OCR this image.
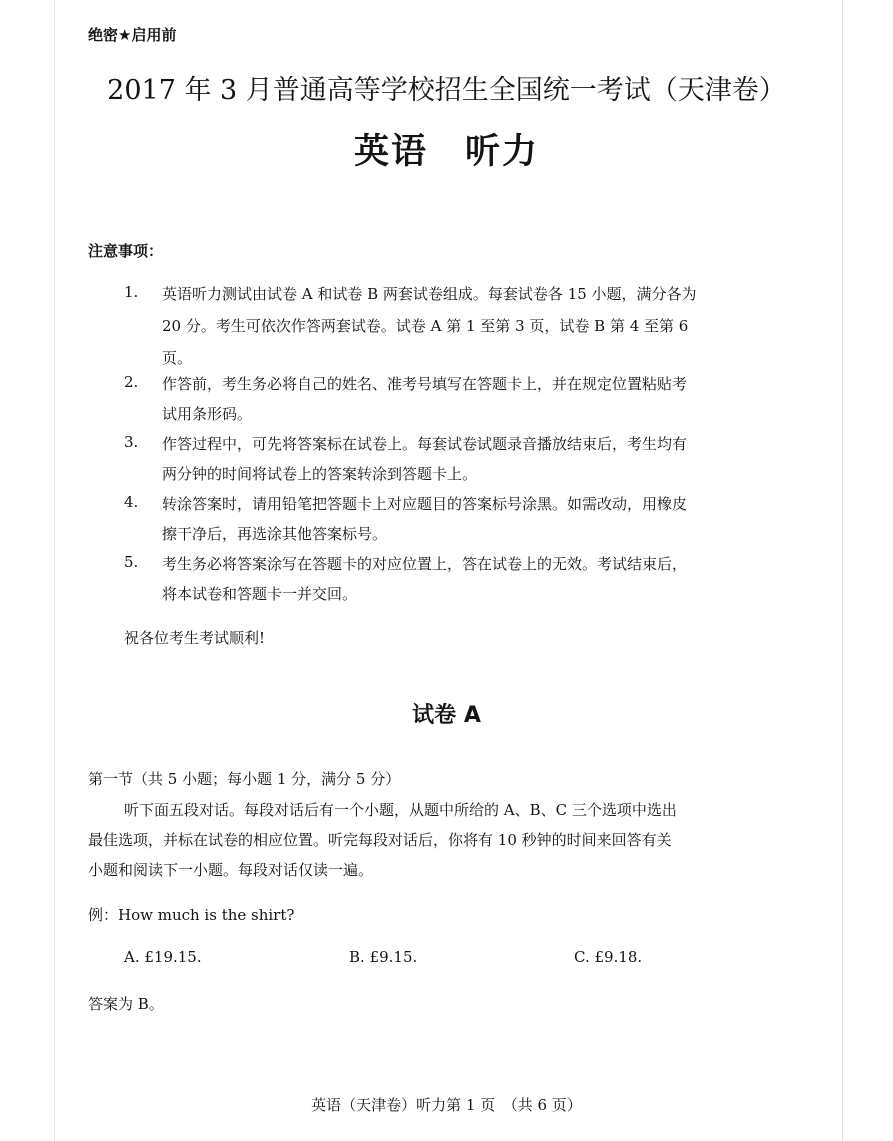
绝密★启用前
2017 年 3 月普通高等学校招生全国统一考试（天津卷）
英语　听力
注意事项：
1. 英语听力测试由试卷 A 和试卷 B 两套试卷组成。每套试卷各 15 小题，满分各为
20 分。考生可依次作答两套试卷。试卷 A 第 1 至第 3 页，试卷 B 第 4 至第 6
页。
2. 作答前，考生务必将自己的姓名、准考号填写在答题卡上，并在规定位置粘贴考
试用条形码。
3. 作答过程中，可先将答案标在试卷上。每套试卷试题录音播放结束后，考生均有
两分钟的时间将试卷上的答案转涂到答题卡上。
4. 转涂答案时，请用铅笔把答题卡上对应题目的答案标号涂黑。如需改动，用橡皮
擦干净后，再选涂其他答案标号。
5. 考生务必将答案涂写在答题卡的对应位置上，答在试卷上的无效。考试结束后，
将本试卷和答题卡一并交回。
祝各位考生考试顺利!
试卷 A
第一节（共 5 小题；每小题 1 分，满分 5 分）
听下面五段对话。每段对话后有一个小题，从题中所给的 A、B、C 三个选项中选出
最佳选项，并标在试卷的相应位置。听完每段对话后，你将有 10 秒钟的时间来回答有关
小题和阅读下一小题。每段对话仅读一遍。
例：How much is the shirt?
A. £19.15.	B. £9.15.	C. £9.18.
答案为 B。
英语（天津卷）听力第 1 页　（共 6 页）
